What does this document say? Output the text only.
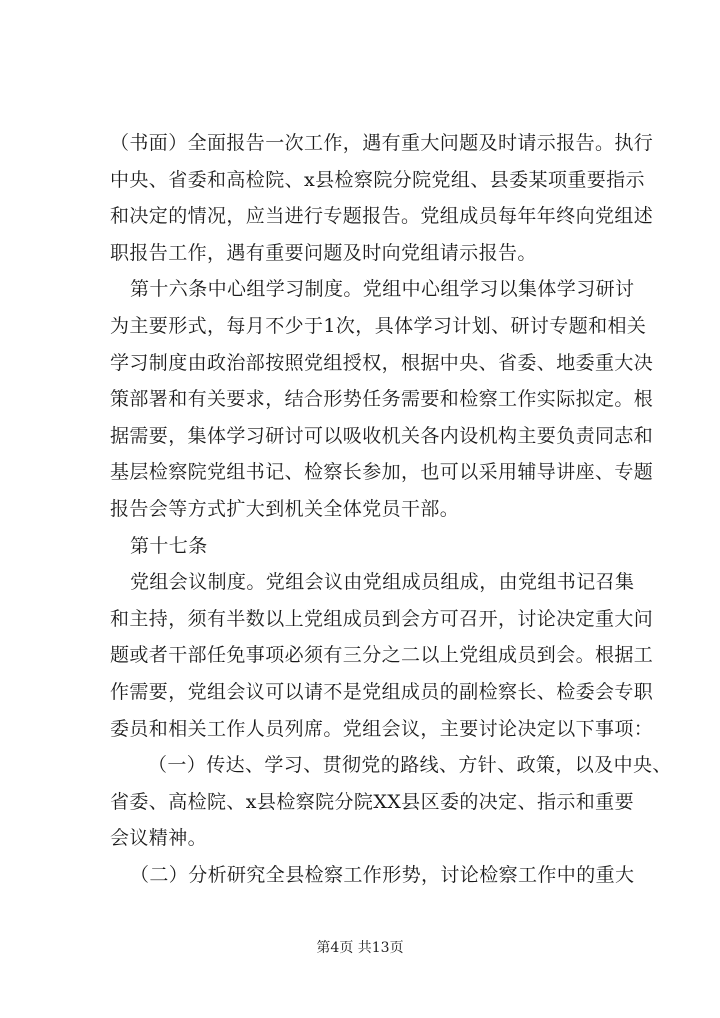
（书面）全面报告一次工作，遇有重大问题及时请示报告。执行
中央、省委和高检院、x县检察院分院党组、县委某项重要指示
和决定的情况，应当进行专题报告。党组成员每年年终向党组述
职报告工作，遇有重要问题及时向党组请示报告。
第十六条中心组学习制度。党组中心组学习以集体学习研讨
为主要形式，每月不少于1次，具体学习计划、研讨专题和相关
学习制度由政治部按照党组授权，根据中央、省委、地委重大决
策部署和有关要求，结合形势任务需要和检察工作实际拟定。根
据需要，集体学习研讨可以吸收机关各内设机构主要负责同志和
基层检察院党组书记、检察长参加，也可以采用辅导讲座、专题
报告会等方式扩大到机关全体党员干部。
第十七条
党组会议制度。党组会议由党组成员组成，由党组书记召集
和主持，须有半数以上党组成员到会方可召开，讨论决定重大问
题或者干部任免事项必须有三分之二以上党组成员到会。根据工
作需要，党组会议可以请不是党组成员的副检察长、检委会专职
委员和相关工作人员列席。党组会议，主要讨论决定以下事项：
（一）传达、学习、贯彻党的路线、方针、政策，以及中央、
省委、高检院、x县检察院分院XX县区委的决定、指示和重要
会议精神。
（二）分析研究全县检察工作形势，讨论检察工作中的重大
第4页 共13页
